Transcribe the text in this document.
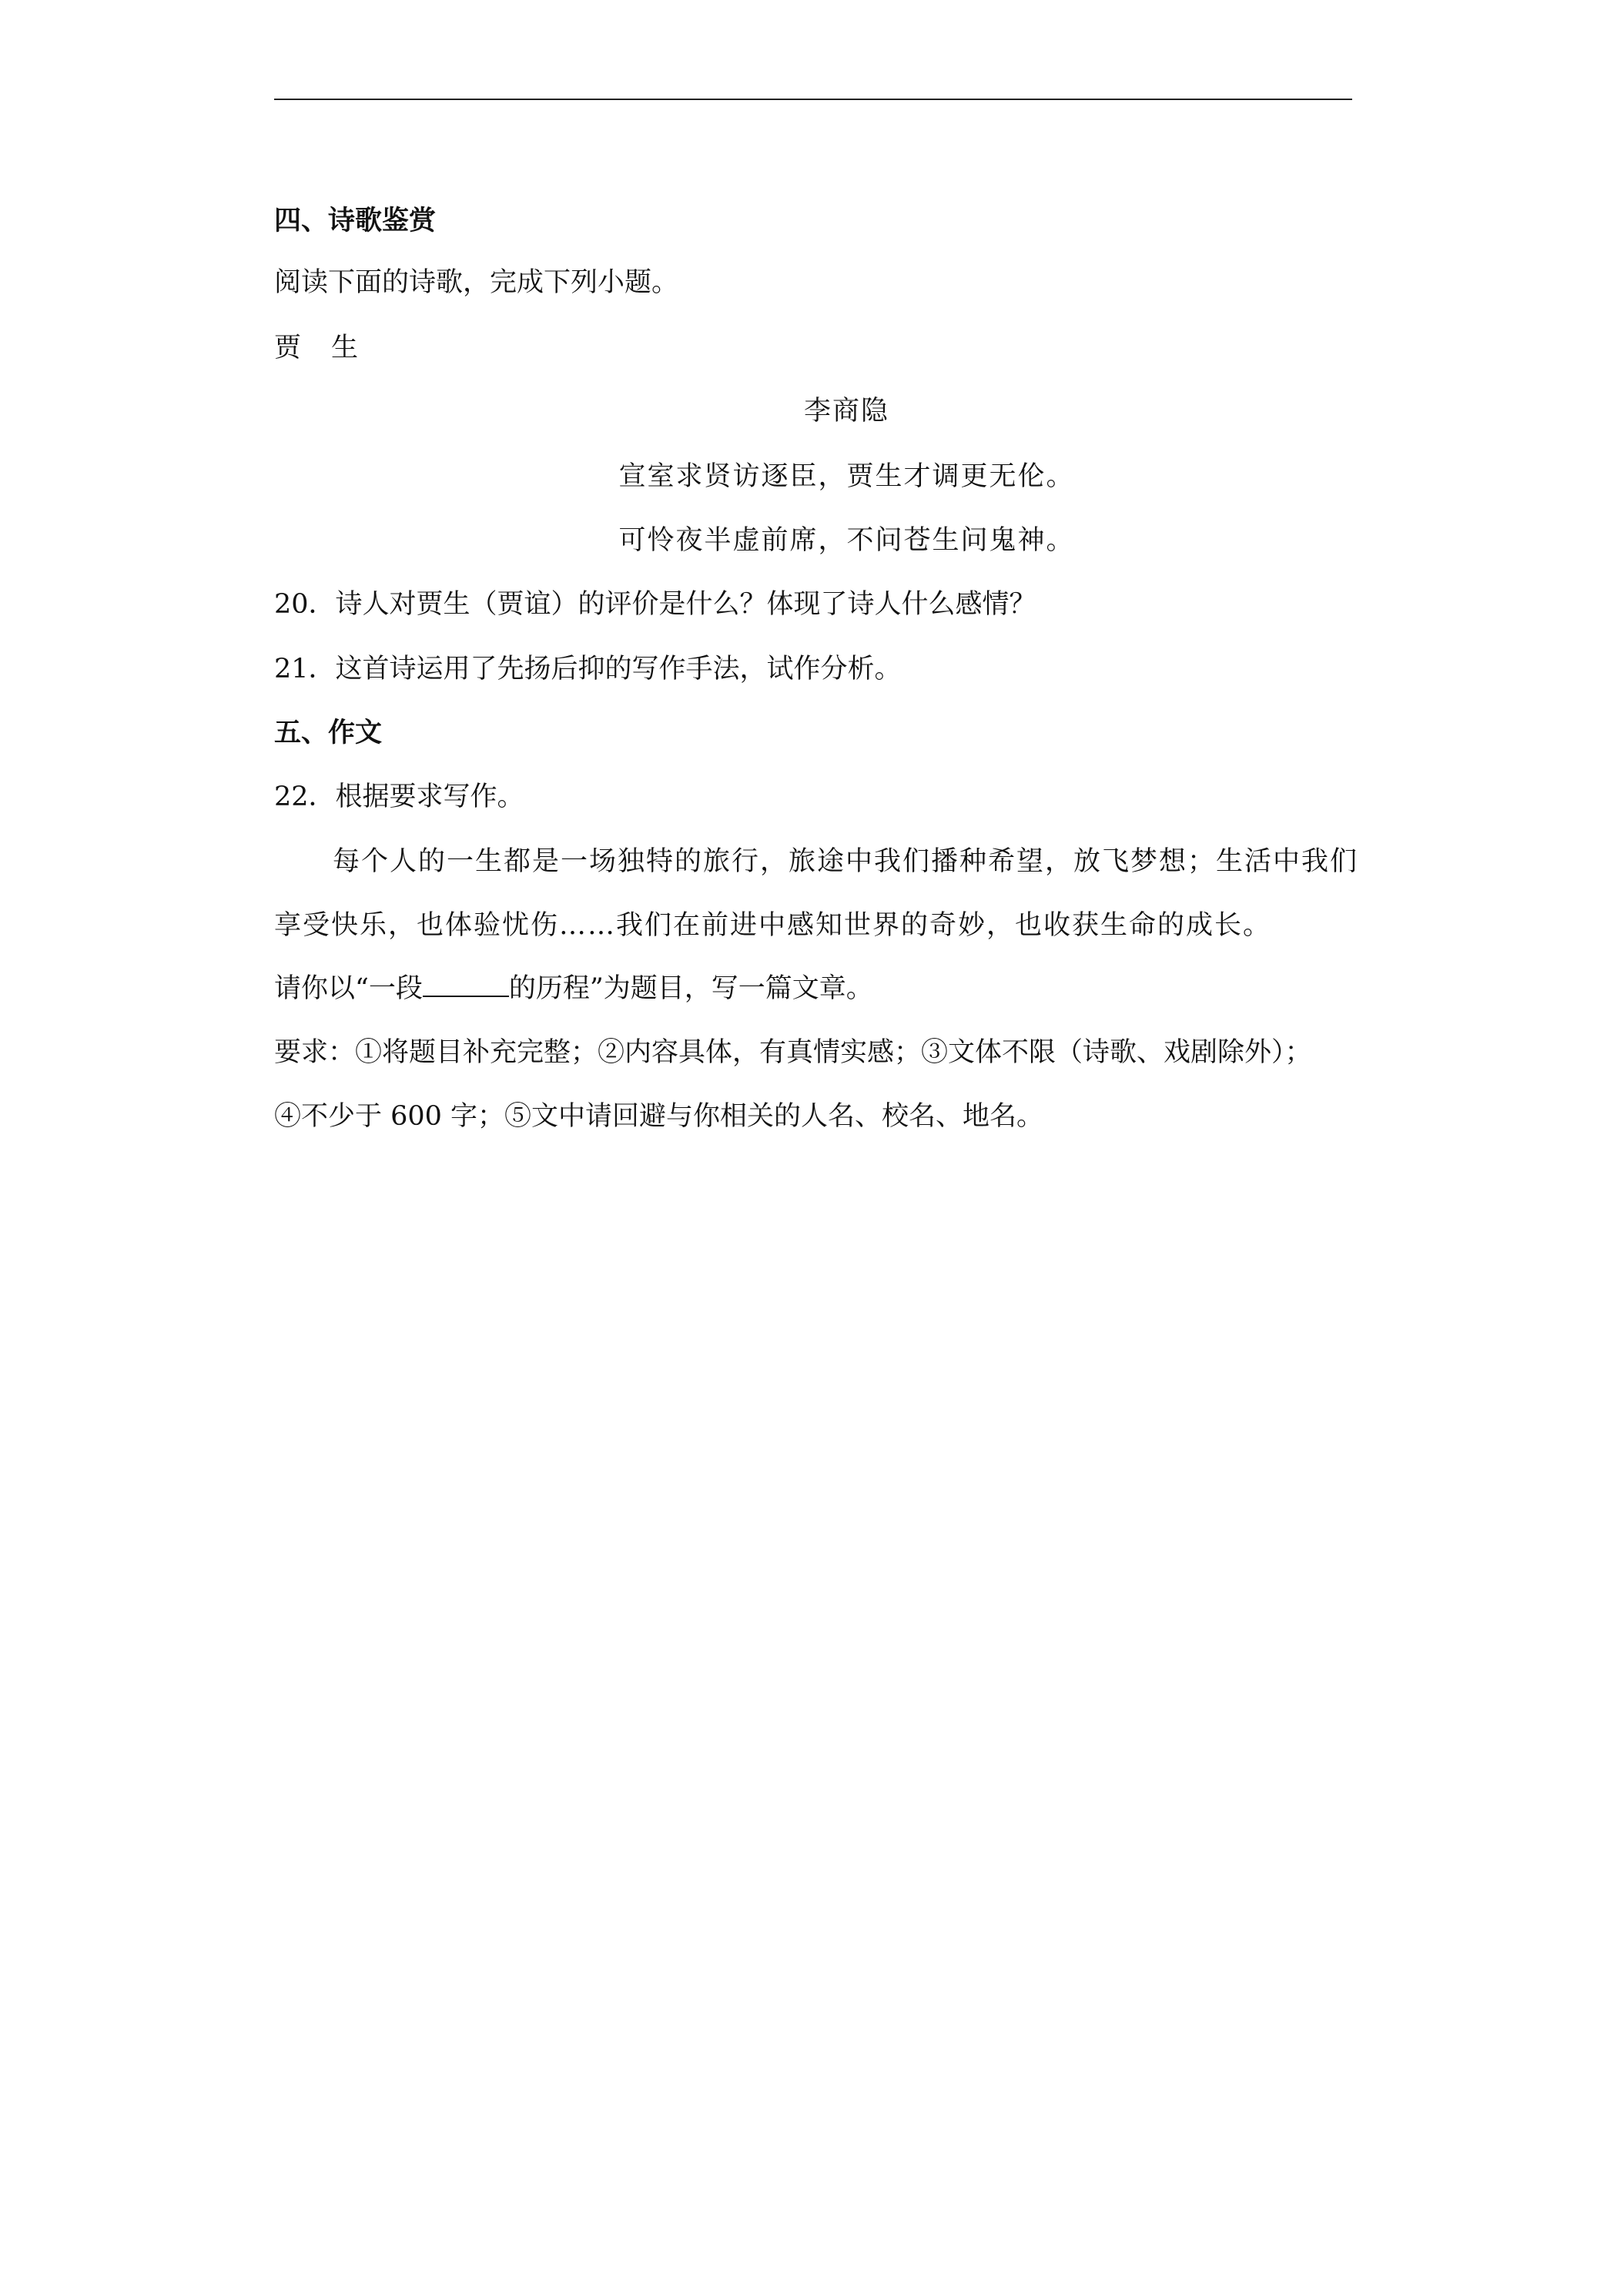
四、诗歌鉴赏
阅读下面的诗歌，完成下列小题。
贾　生
李商隐
宣室求贤访逐臣，贾生才调更无伦。
可怜夜半虚前席，不问苍生问鬼神。
20．诗人对贾生（贾谊）的评价是什么？体现了诗人什么感情？
21．这首诗运用了先扬后抑的写作手法，试作分析。
五、作文
22．根据要求写作。
每个人的一生都是一场独特的旅行，旅途中我们播种希望，放飞梦想；生活中我们
享受快乐，也体验忧伤……我们在前进中感知世界的奇妙，也收获生命的成长。
请你以“一段	的历程”为题目，写一篇文章。
要求：①将题目补充完整；②内容具体，有真情实感；③文体不限（诗歌、戏剧除外）；
④不少于 600 字；⑤文中请回避与你相关的人名、校名、地名。
